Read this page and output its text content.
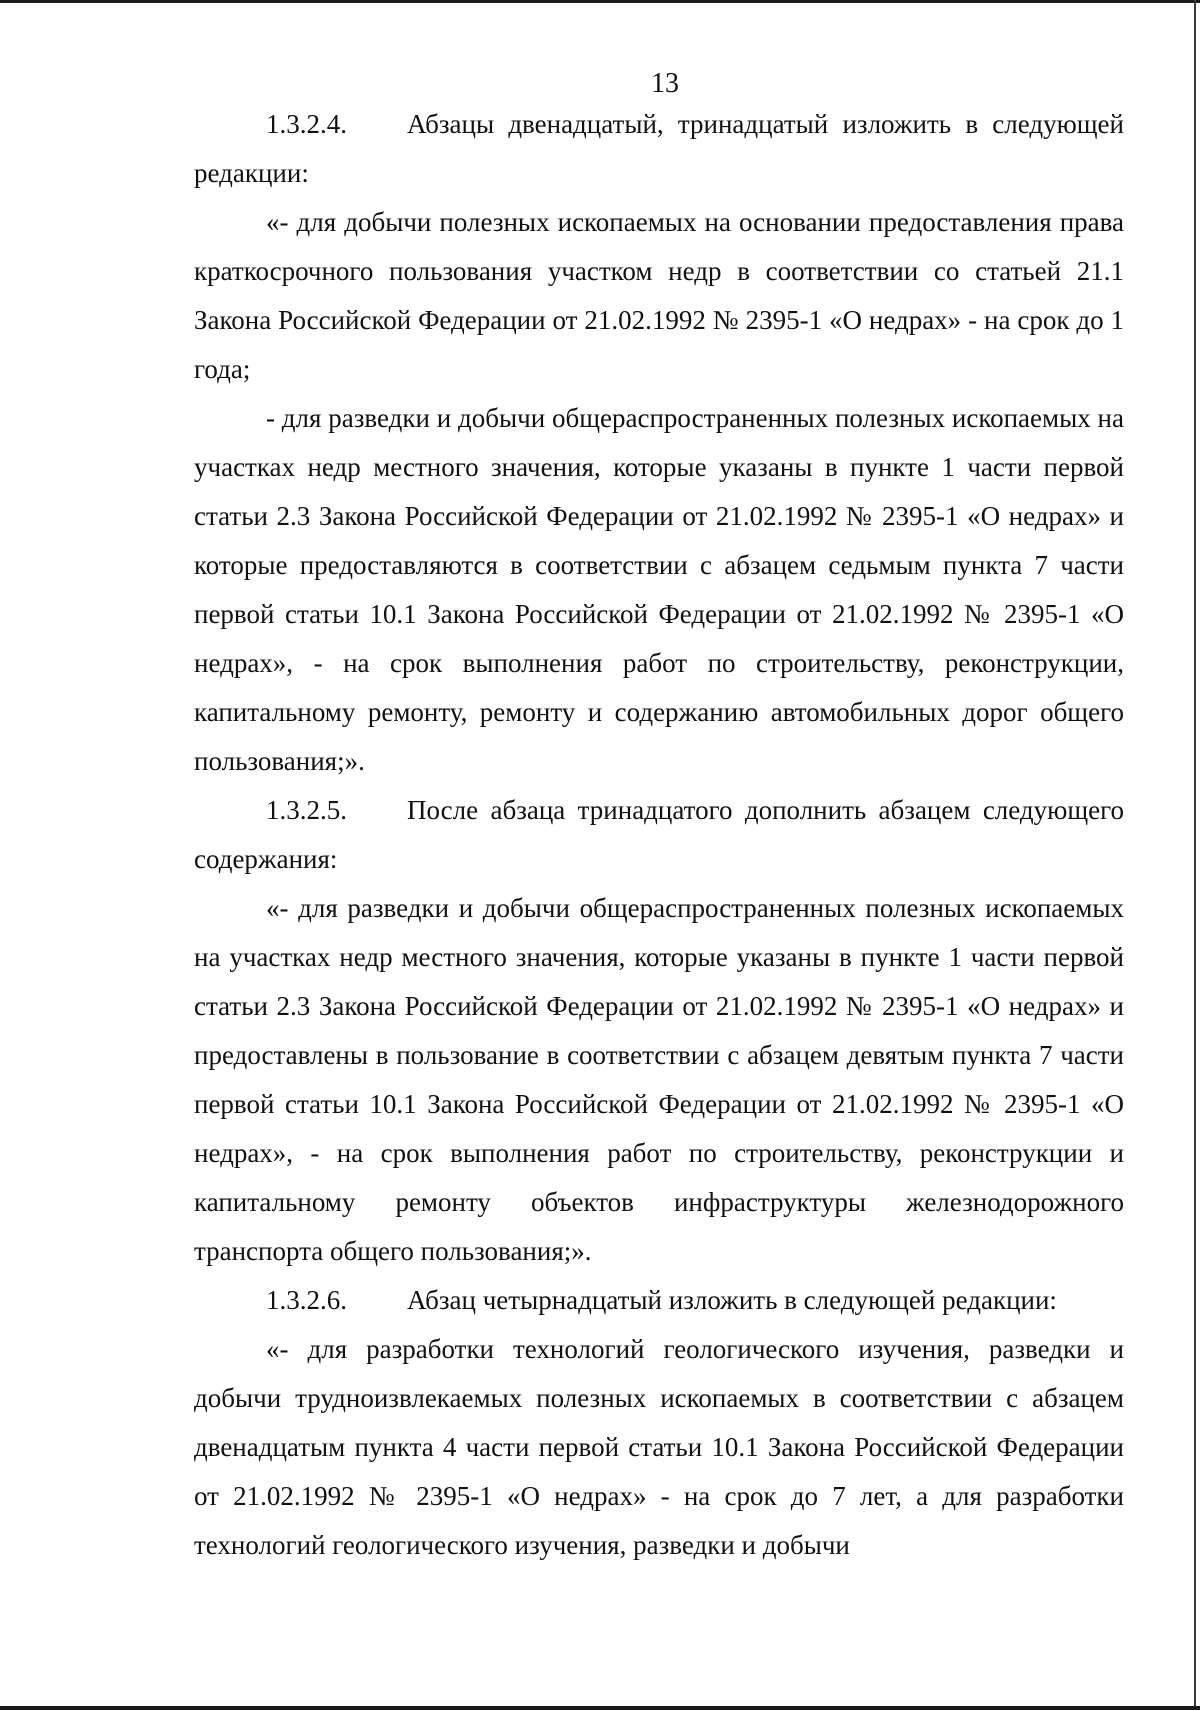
13

1.3.2.4. Абзацы двенадцатый, тринадцатый изложить в следующей редакции:

«- для добычи полезных ископаемых на основании предоставления права краткосрочного пользования участком недр в соответствии со статьей 21.1 Закона Российской Федерации от 21.02.1992 № 2395-1 «О недрах» - на срок до 1 года;

- для разведки и добычи общераспространенных полезных ископаемых на участках недр местного значения, которые указаны в пункте 1 части первой статьи 2.3 Закона Российской Федерации от 21.02.1992 № 2395-1 «О недрах» и которые предоставляются в соответствии с абзацем седьмым пункта 7 части первой статьи 10.1 Закона Российской Федерации от 21.02.1992 № 2395-1 «О недрах», - на срок выполнения работ по строительству, реконструкции, капитальному ремонту, ремонту и содержанию автомобильных дорог общего пользования;».

1.3.2.5. После абзаца тринадцатого дополнить абзацем следующего содержания:

«- для разведки и добычи общераспространенных полезных ископаемых на участках недр местного значения, которые указаны в пункте 1 части первой статьи 2.3 Закона Российской Федерации от 21.02.1992 № 2395-1 «О недрах» и предоставлены в пользование в соответствии с абзацем девятым пункта 7 части первой статьи 10.1 Закона Российской Федерации от 21.02.1992 № 2395-1 «О недрах», - на срок выполнения работ по строительству, реконструкции и капитальному ремонту объектов инфраструктуры железнодорожного транспорта общего пользования;».

1.3.2.6. Абзац четырнадцатый изложить в следующей редакции:

«- для разработки технологий геологического изучения, разведки и добычи трудноизвлекаемых полезных ископаемых в соответствии с абзацем двенадцатым пункта 4 части первой статьи 10.1 Закона Российской Федерации от 21.02.1992 № 2395-1 «О недрах» - на срок до 7 лет, а для разработки технологий геологического изучения, разведки и добычи
